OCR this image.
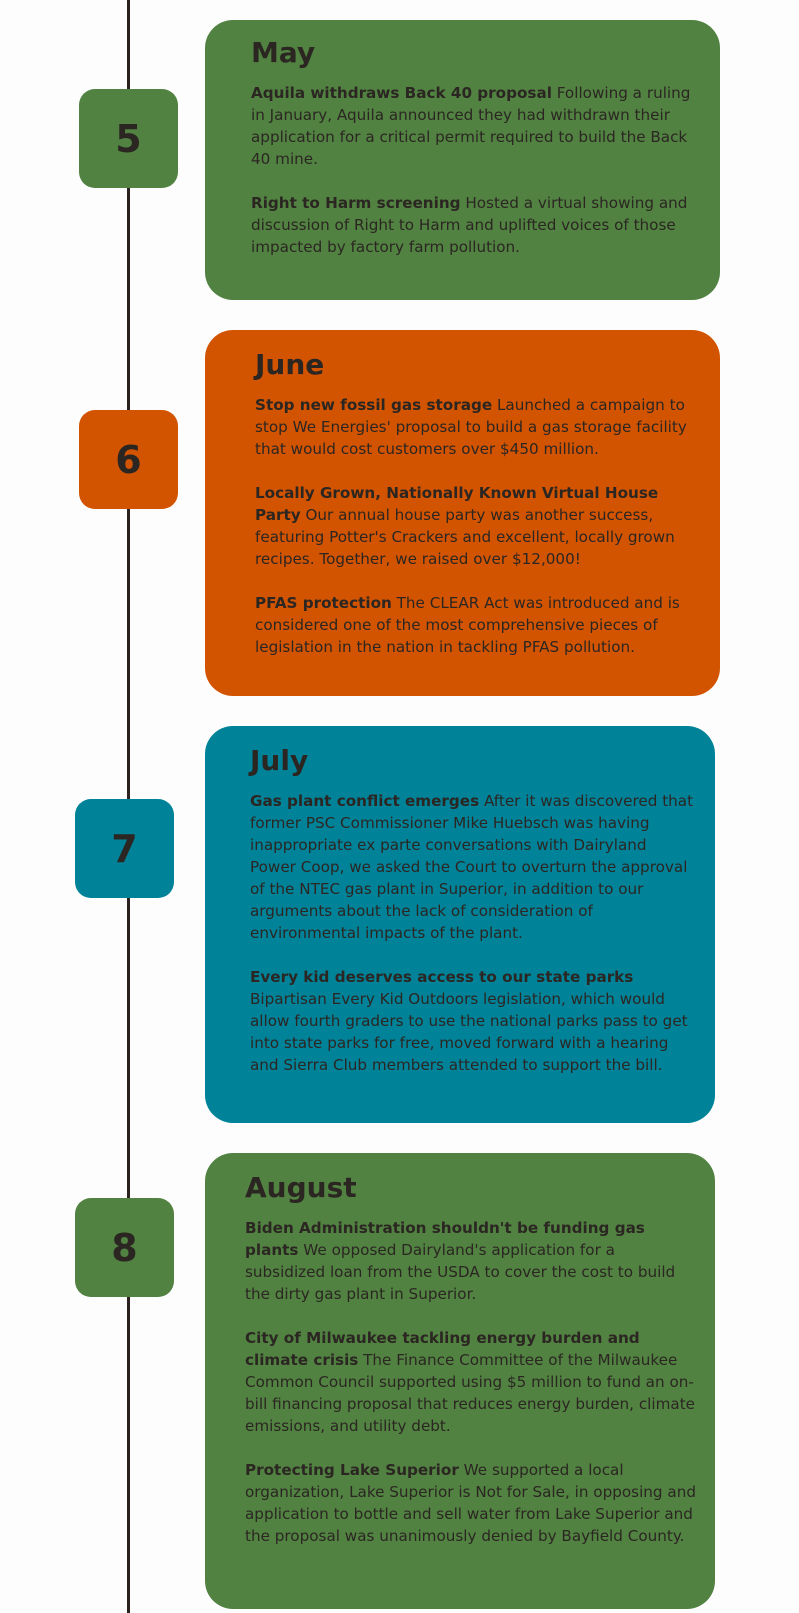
5
May

Aquila withdraws Back 40 proposal Following a ruling in January, Aquila announced they had withdrawn their application for a critical permit required to build the Back 40 mine.

Right to Harm screening Hosted a virtual showing and discussion of Right to Harm and uplifted voices of those impacted by factory farm pollution.

6
June

Stop new fossil gas storage Launched a campaign to stop We Energies' proposal to build a gas storage facility that would cost customers over $450 million.

Locally Grown, Nationally Known Virtual House Party Our annual house party was another success, featuring Potter's Crackers and excellent, locally grown recipes. Together, we raised over $12,000!

PFAS protection The CLEAR Act was introduced and is considered one of the most comprehensive pieces of legislation in the nation in tackling PFAS pollution.

7
July

Gas plant conflict emerges After it was discovered that former PSC Commissioner Mike Huebsch was having inappropriate ex parte conversations with Dairyland Power Coop, we asked the Court to overturn the approval of the NTEC gas plant in Superior, in addition to our arguments about the lack of consideration of environmental impacts of the plant.

Every kid deserves access to our state parks Bipartisan Every Kid Outdoors legislation, which would allow fourth graders to use the national parks pass to get into state parks for free, moved forward with a hearing and Sierra Club members attended to support the bill.

8
August

Biden Administration shouldn't be funding gas plants We opposed Dairyland's application for a subsidized loan from the USDA to cover the cost to build the dirty gas plant in Superior.

City of Milwaukee tackling energy burden and climate crisis The Finance Committee of the Milwaukee Common Council supported using $5 million to fund an on-bill financing proposal that reduces energy burden, climate emissions, and utility debt.

Protecting Lake Superior We supported a local organization, Lake Superior is Not for Sale, in opposing and application to bottle and sell water from Lake Superior and the proposal was unanimously denied by Bayfield County.
